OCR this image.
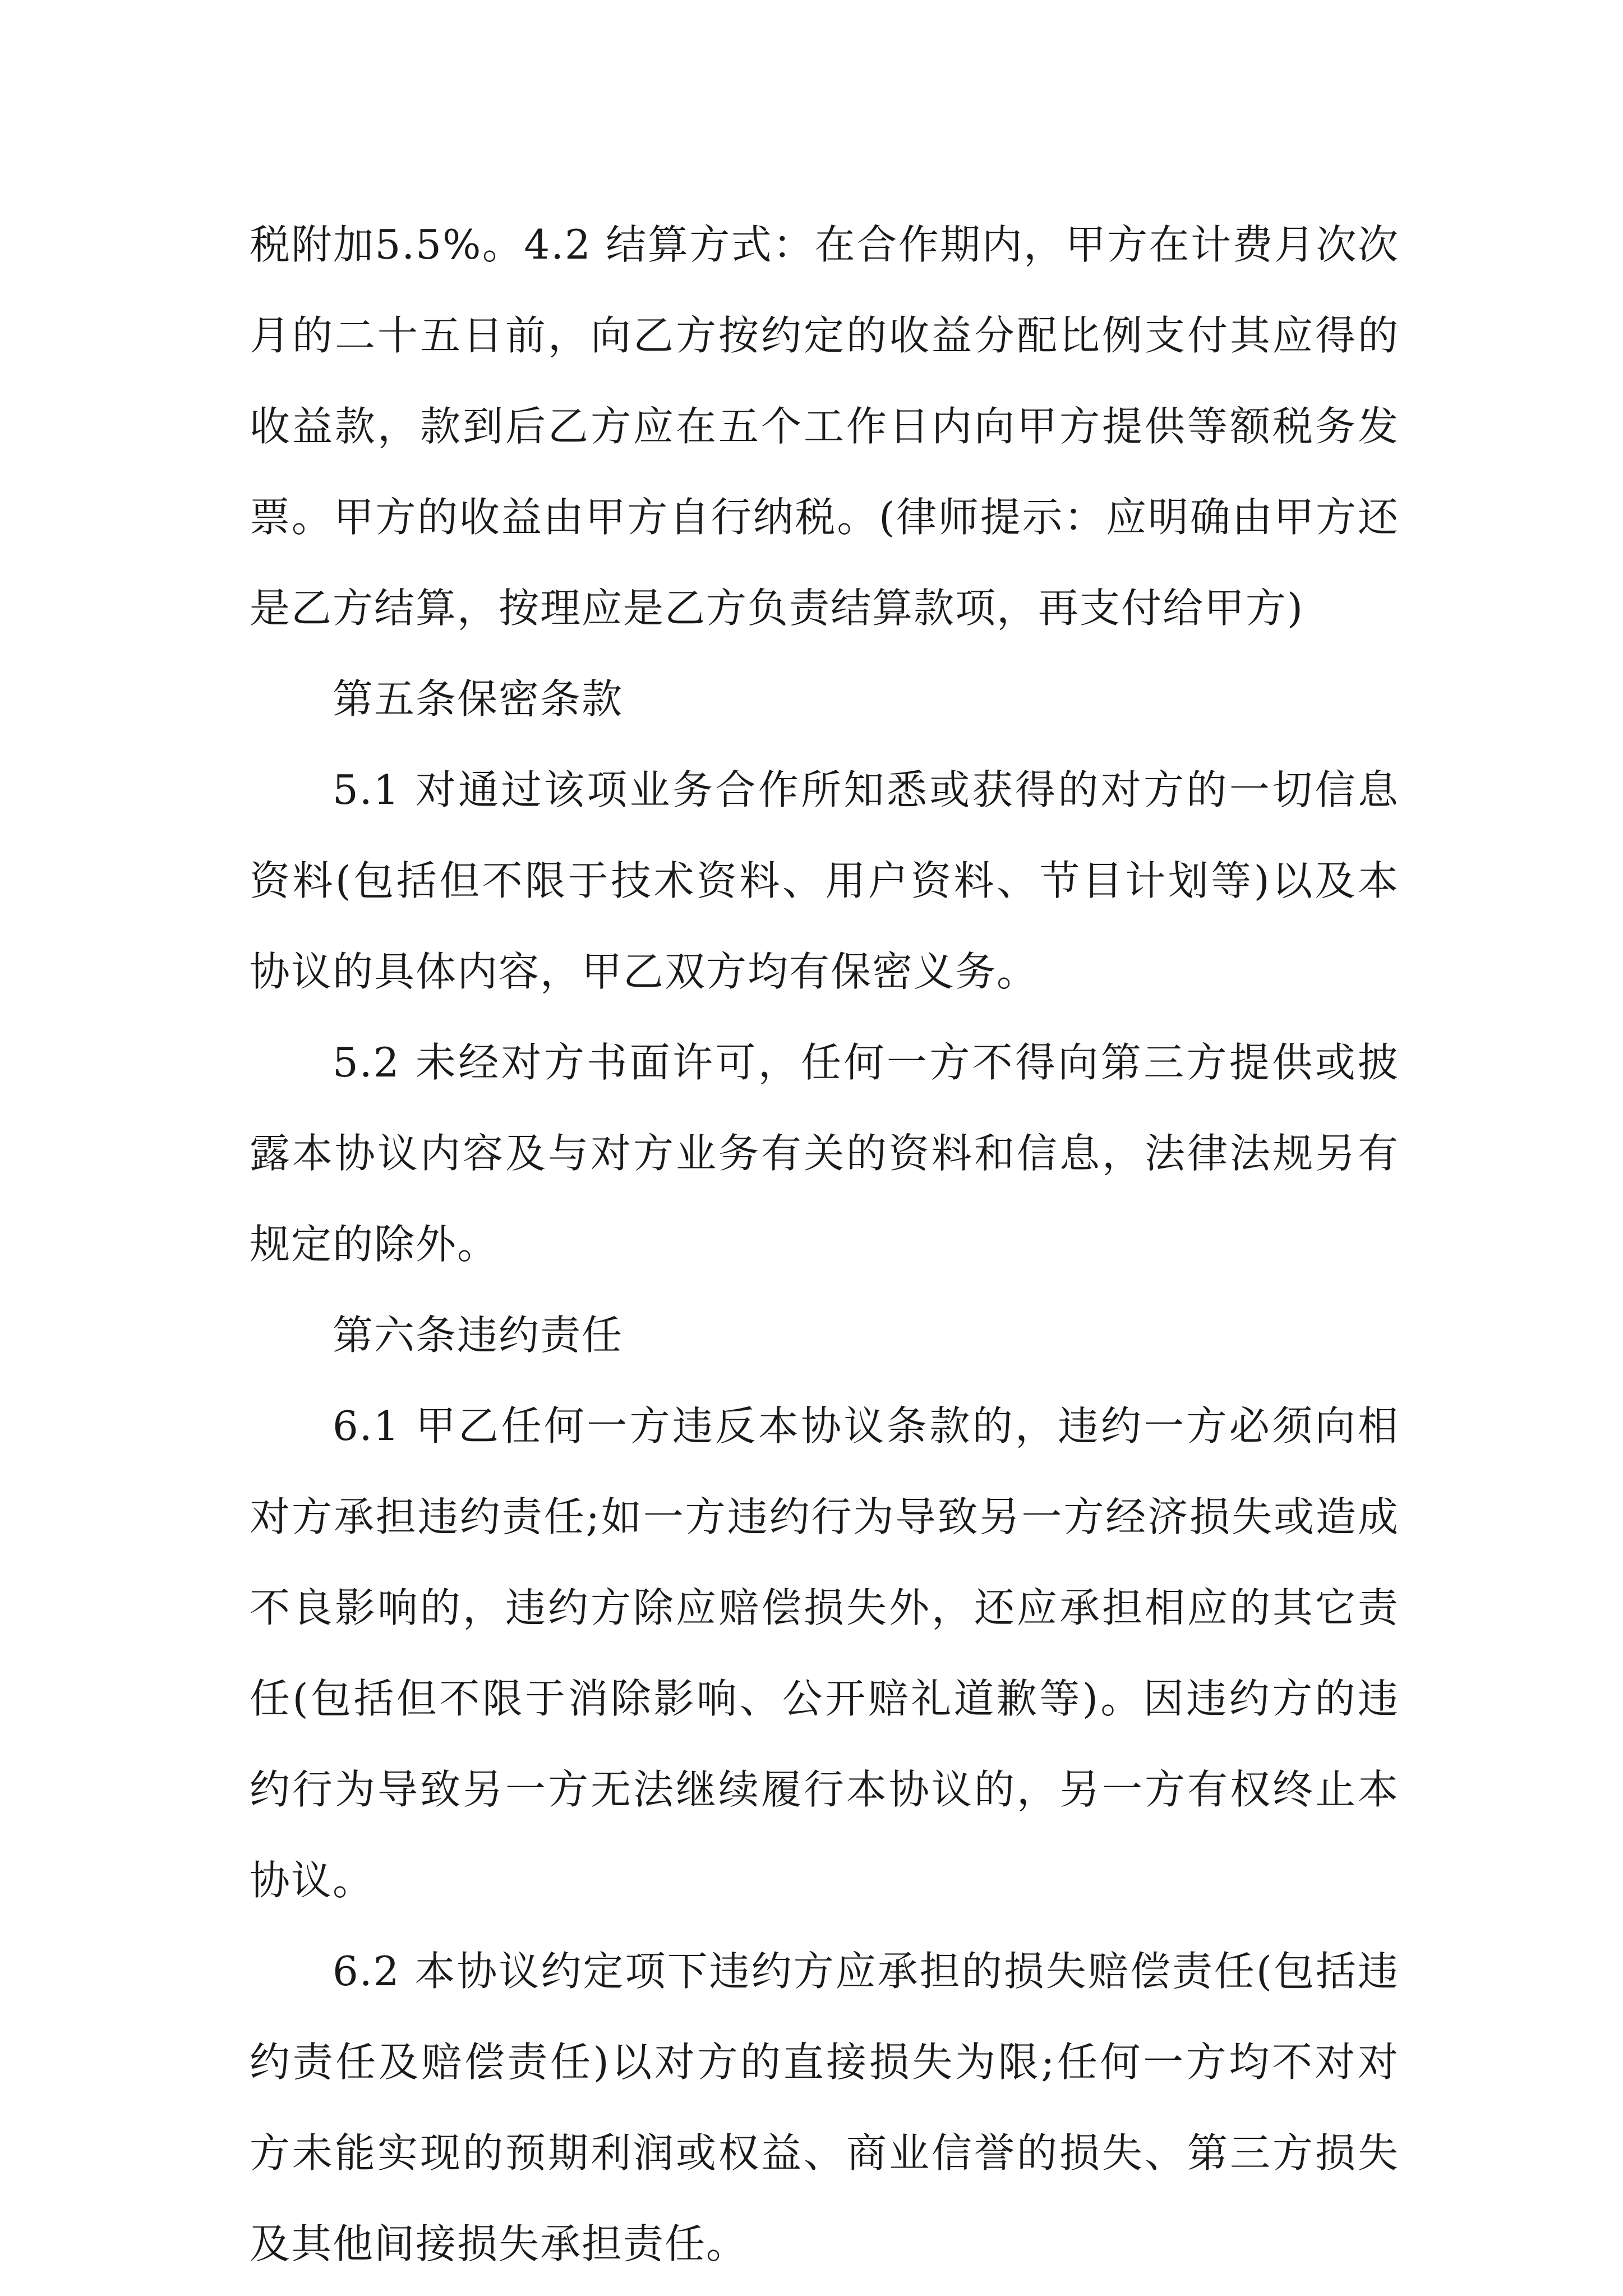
税附加5.5%。4.2 结算方式：在合作期内，甲方在计费月次次月的二十五日前，向乙方按约定的收益分配比例支付其应得的收益款，款到后乙方应在五个工作日内向甲方提供等额税务发票。甲方的收益由甲方自行纳税。(律师提示：应明确由甲方还是乙方结算，按理应是乙方负责结算款项，再支付给甲方)

第五条保密条款

5.1 对通过该项业务合作所知悉或获得的对方的一切信息资料(包括但不限于技术资料、用户资料、节目计划等)以及本协议的具体内容，甲乙双方均有保密义务。

5.2 未经对方书面许可，任何一方不得向第三方提供或披露本协议内容及与对方业务有关的资料和信息，法律法规另有规定的除外。

第六条违约责任

6.1 甲乙任何一方违反本协议条款的，违约一方必须向相对方承担违约责任;如一方违约行为导致另一方经济损失或造成不良影响的，违约方除应赔偿损失外，还应承担相应的其它责任(包括但不限于消除影响、公开赔礼道歉等)。因违约方的违约行为导致另一方无法继续履行本协议的，另一方有权终止本协议。

6.2 本协议约定项下违约方应承担的损失赔偿责任(包括违约责任及赔偿责任)以对方的直接损失为限;任何一方均不对对方未能实现的预期利润或权益、商业信誉的损失、第三方损失及其他间接损失承担责任。
